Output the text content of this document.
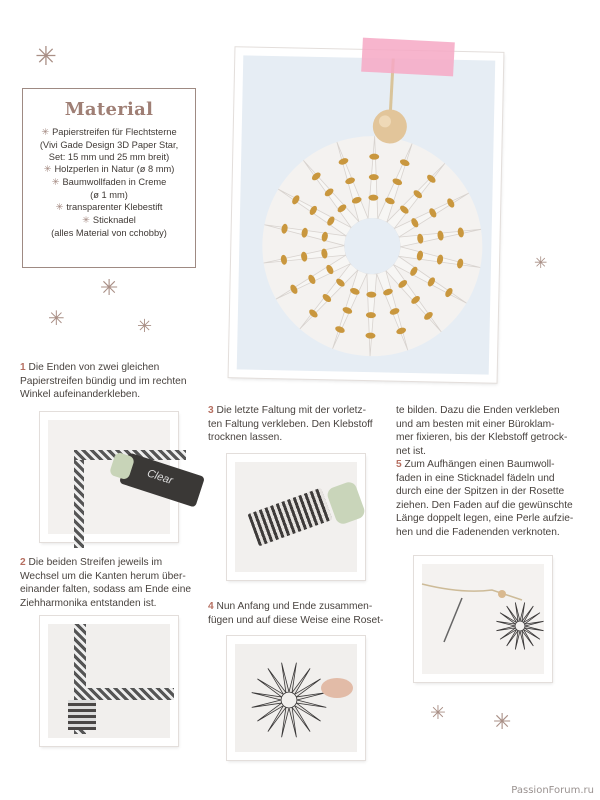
✳
✳
✳	✳
✳
✳ ✳
Material
✳ Papierstreifen für Flechtsterne
(Vivi Gade Design 3D Paper Star,
Set: 15 mm und 25 mm breit)
✳ Holzperlen in Natur (ø 8 mm)
✳ Baumwollfaden in Creme
(ø 1 mm)
✳ transparenter Klebestift
✳ Sticknadel
(alles Material von cchobby)
1 Die Enden von zwei gleichen
Papierstreifen bündig und im rechten
Winkel aufeinanderkleben.
Clear
2 Die beiden Streifen jeweils im
Wechsel um die Kanten herum über-
einander falten, sodass am Ende eine
Ziehharmonika entstanden ist.
3 Die letzte Faltung mit der vorletz-
ten Faltung verkleben. Den Klebstoff
trocknen lassen.
4 Nun Anfang und Ende zusammen-
fügen und auf diese Weise eine Roset-
te bilden. Dazu die Enden verkleben
und am besten mit einer Büroklam-
mer fixieren, bis der Klebstoff getrock-
net ist.
5 Zum Aufhängen einen Baumwoll-
faden in eine Sticknadel fädeln und
durch eine der Spitzen in der Rosette
ziehen. Den Faden auf die gewünschte
Länge doppelt legen, eine Perle aufzie-
hen und die Fadenenden verknoten.
PassionForum.ru
